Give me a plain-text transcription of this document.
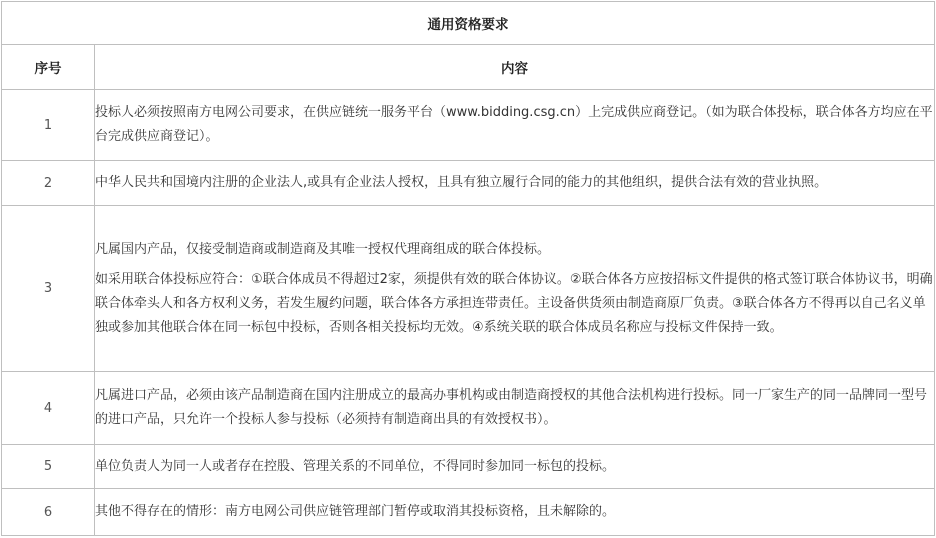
通用资格要求	
序号	内容
1	投标人必须按照南方电网公司要求，在供应链统一服务平台（www.bidding.csg.cn）上完成供应商登记。（如为联合体投标，联合体各方均应在平台完成供应商登记）。

2	中华人民共和国境内注册的企业法人,或具有企业法人授权，且具有独立履行合同的能力的其他组织，提供合法有效的营业执照。

3	凡属国内产品，仅接受制造商或制造商及其唯一授权代理商组成的联合体投标。

如采用联合体投标应符合：①联合体成员不得超过2家，须提供有效的联合体协议。②联合体各方应按招标文件提供的格式签订联合体协议书，明确联合体牵头人和各方权利义务，若发生履约问题，联合体各方承担连带责任。主设备供货须由制造商原厂负责。③联合体各方不得再以自己名义单独或参加其他联合体在同一标包中投标，否则各相关投标均无效。④系统关联的联合体成员名称应与投标文件保持一致。

4	凡属进口产品，必须由该产品制造商在国内注册成立的最高办事机构或由制造商授权的其他合法机构进行投标。同一厂家生产的同一品牌同一型号的进口产品，只允许一个投标人参与投标（必须持有制造商出具的有效授权书）。

5	单位负责人为同一人或者存在控股、管理关系的不同单位，不得同时参加同一标包的投标。

6	其他不得存在的情形：南方电网公司供应链管理部门暂停或取消其投标资格，且未解除的。
